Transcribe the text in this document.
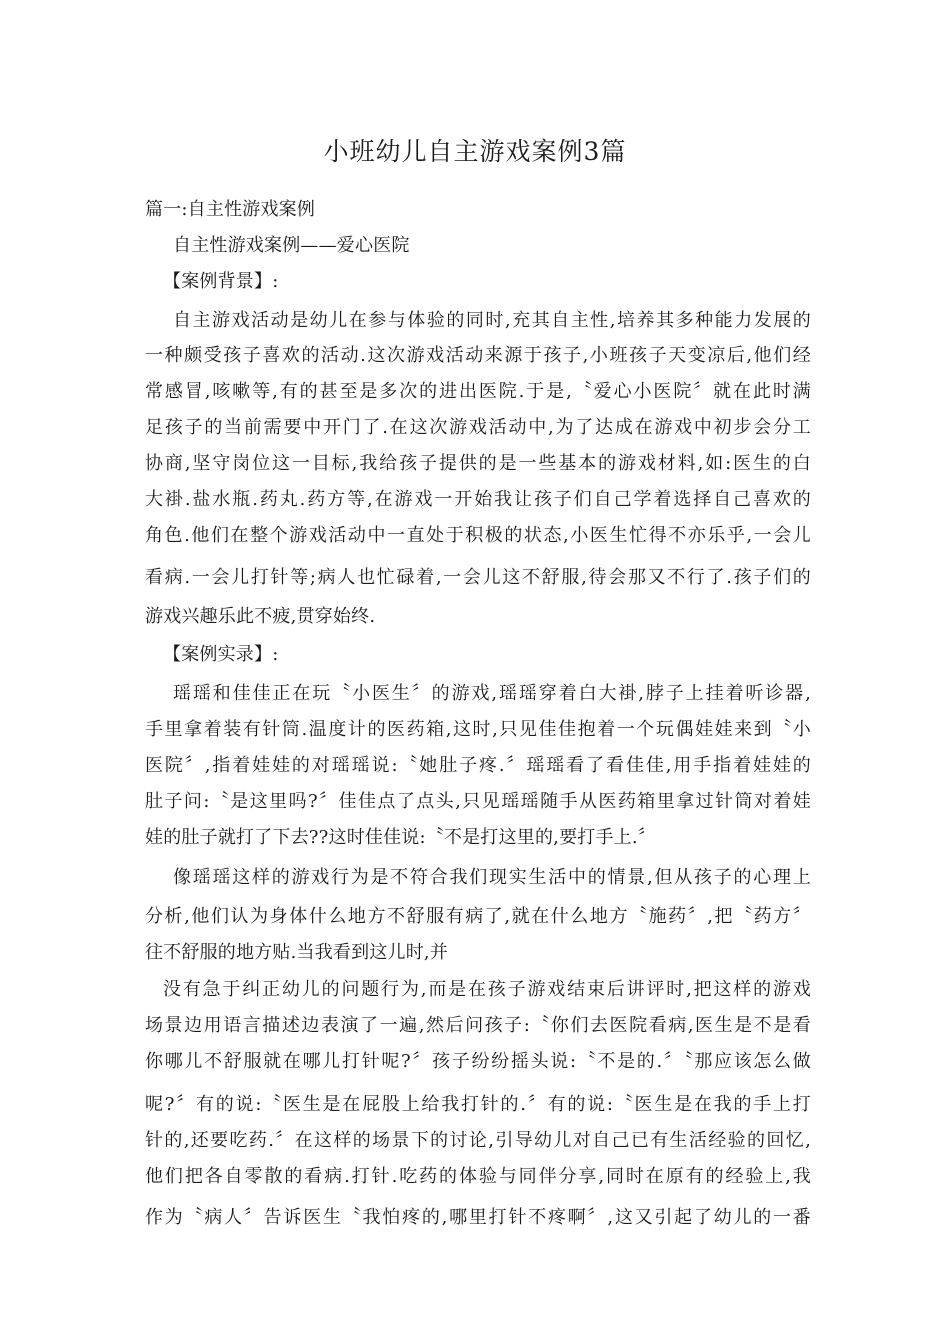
小班幼儿自主游戏案例3篇
篇一:自主性游戏案例
自主性游戏案例——爱心医院
【案例背景】:
自主游戏活动是幼儿在参与体验的同时,充其自主性,培养其多种能力发展的
一种颇受孩子喜欢的活动.这次游戏活动来源于孩子,小班孩子天变凉后,他们经
常感冒,咳嗽等,有的甚至是多次的进出医院.于是,〝爱心小医院〞就在此时满
足孩子的当前需要中开门了.在这次游戏活动中,为了达成在游戏中初步会分工
协商,坚守岗位这一目标,我给孩子提供的是一些基本的游戏材料,如:医生的白
大褂.盐水瓶.药丸.药方等,在游戏一开始我让孩子们自己学着选择自己喜欢的
角色.他们在整个游戏活动中一直处于积极的状态,小医生忙得不亦乐乎,一会儿
看病.一会儿打针等;病人也忙碌着,一会儿这不舒服,待会那又不行了.孩子们的
游戏兴趣乐此不疲,贯穿始终.
【案例实录】:
瑶瑶和佳佳正在玩〝小医生〞的游戏,瑶瑶穿着白大褂,脖子上挂着听诊器,
手里拿着装有针筒.温度计的医药箱,这时,只见佳佳抱着一个玩偶娃娃来到〝小
医院〞,指着娃娃的对瑶瑶说:〝她肚子疼.〞瑶瑶看了看佳佳,用手指着娃娃的
肚子问:〝是这里吗?〞佳佳点了点头,只见瑶瑶随手从医药箱里拿过针筒对着娃
娃的肚子就打了下去??这时佳佳说:〝不是打这里的,要打手上.〞
像瑶瑶这样的游戏行为是不符合我们现实生活中的情景,但从孩子的心理上
分析,他们认为身体什么地方不舒服有病了,就在什么地方〝施药〞,把〝药方〞
往不舒服的地方贴.当我看到这儿时,并
没有急于纠正幼儿的问题行为,而是在孩子游戏结束后讲评时,把这样的游戏
场景边用语言描述边表演了一遍,然后问孩子:〝你们去医院看病,医生是不是看
你哪儿不舒服就在哪儿打针呢?〞孩子纷纷摇头说:〝不是的.〞〝那应该怎么做
呢?〞有的说:〝医生是在屁股上给我打针的.〞有的说:〝医生是在我的手上打
针的,还要吃药.〞在这样的场景下的讨论,引导幼儿对自己已有生活经验的回忆,
他们把各自零散的看病.打针.吃药的体验与同伴分享,同时在原有的经验上,我
作为〝病人〞告诉医生〝我怕疼的,哪里打针不疼啊〞,这又引起了幼儿的一番
